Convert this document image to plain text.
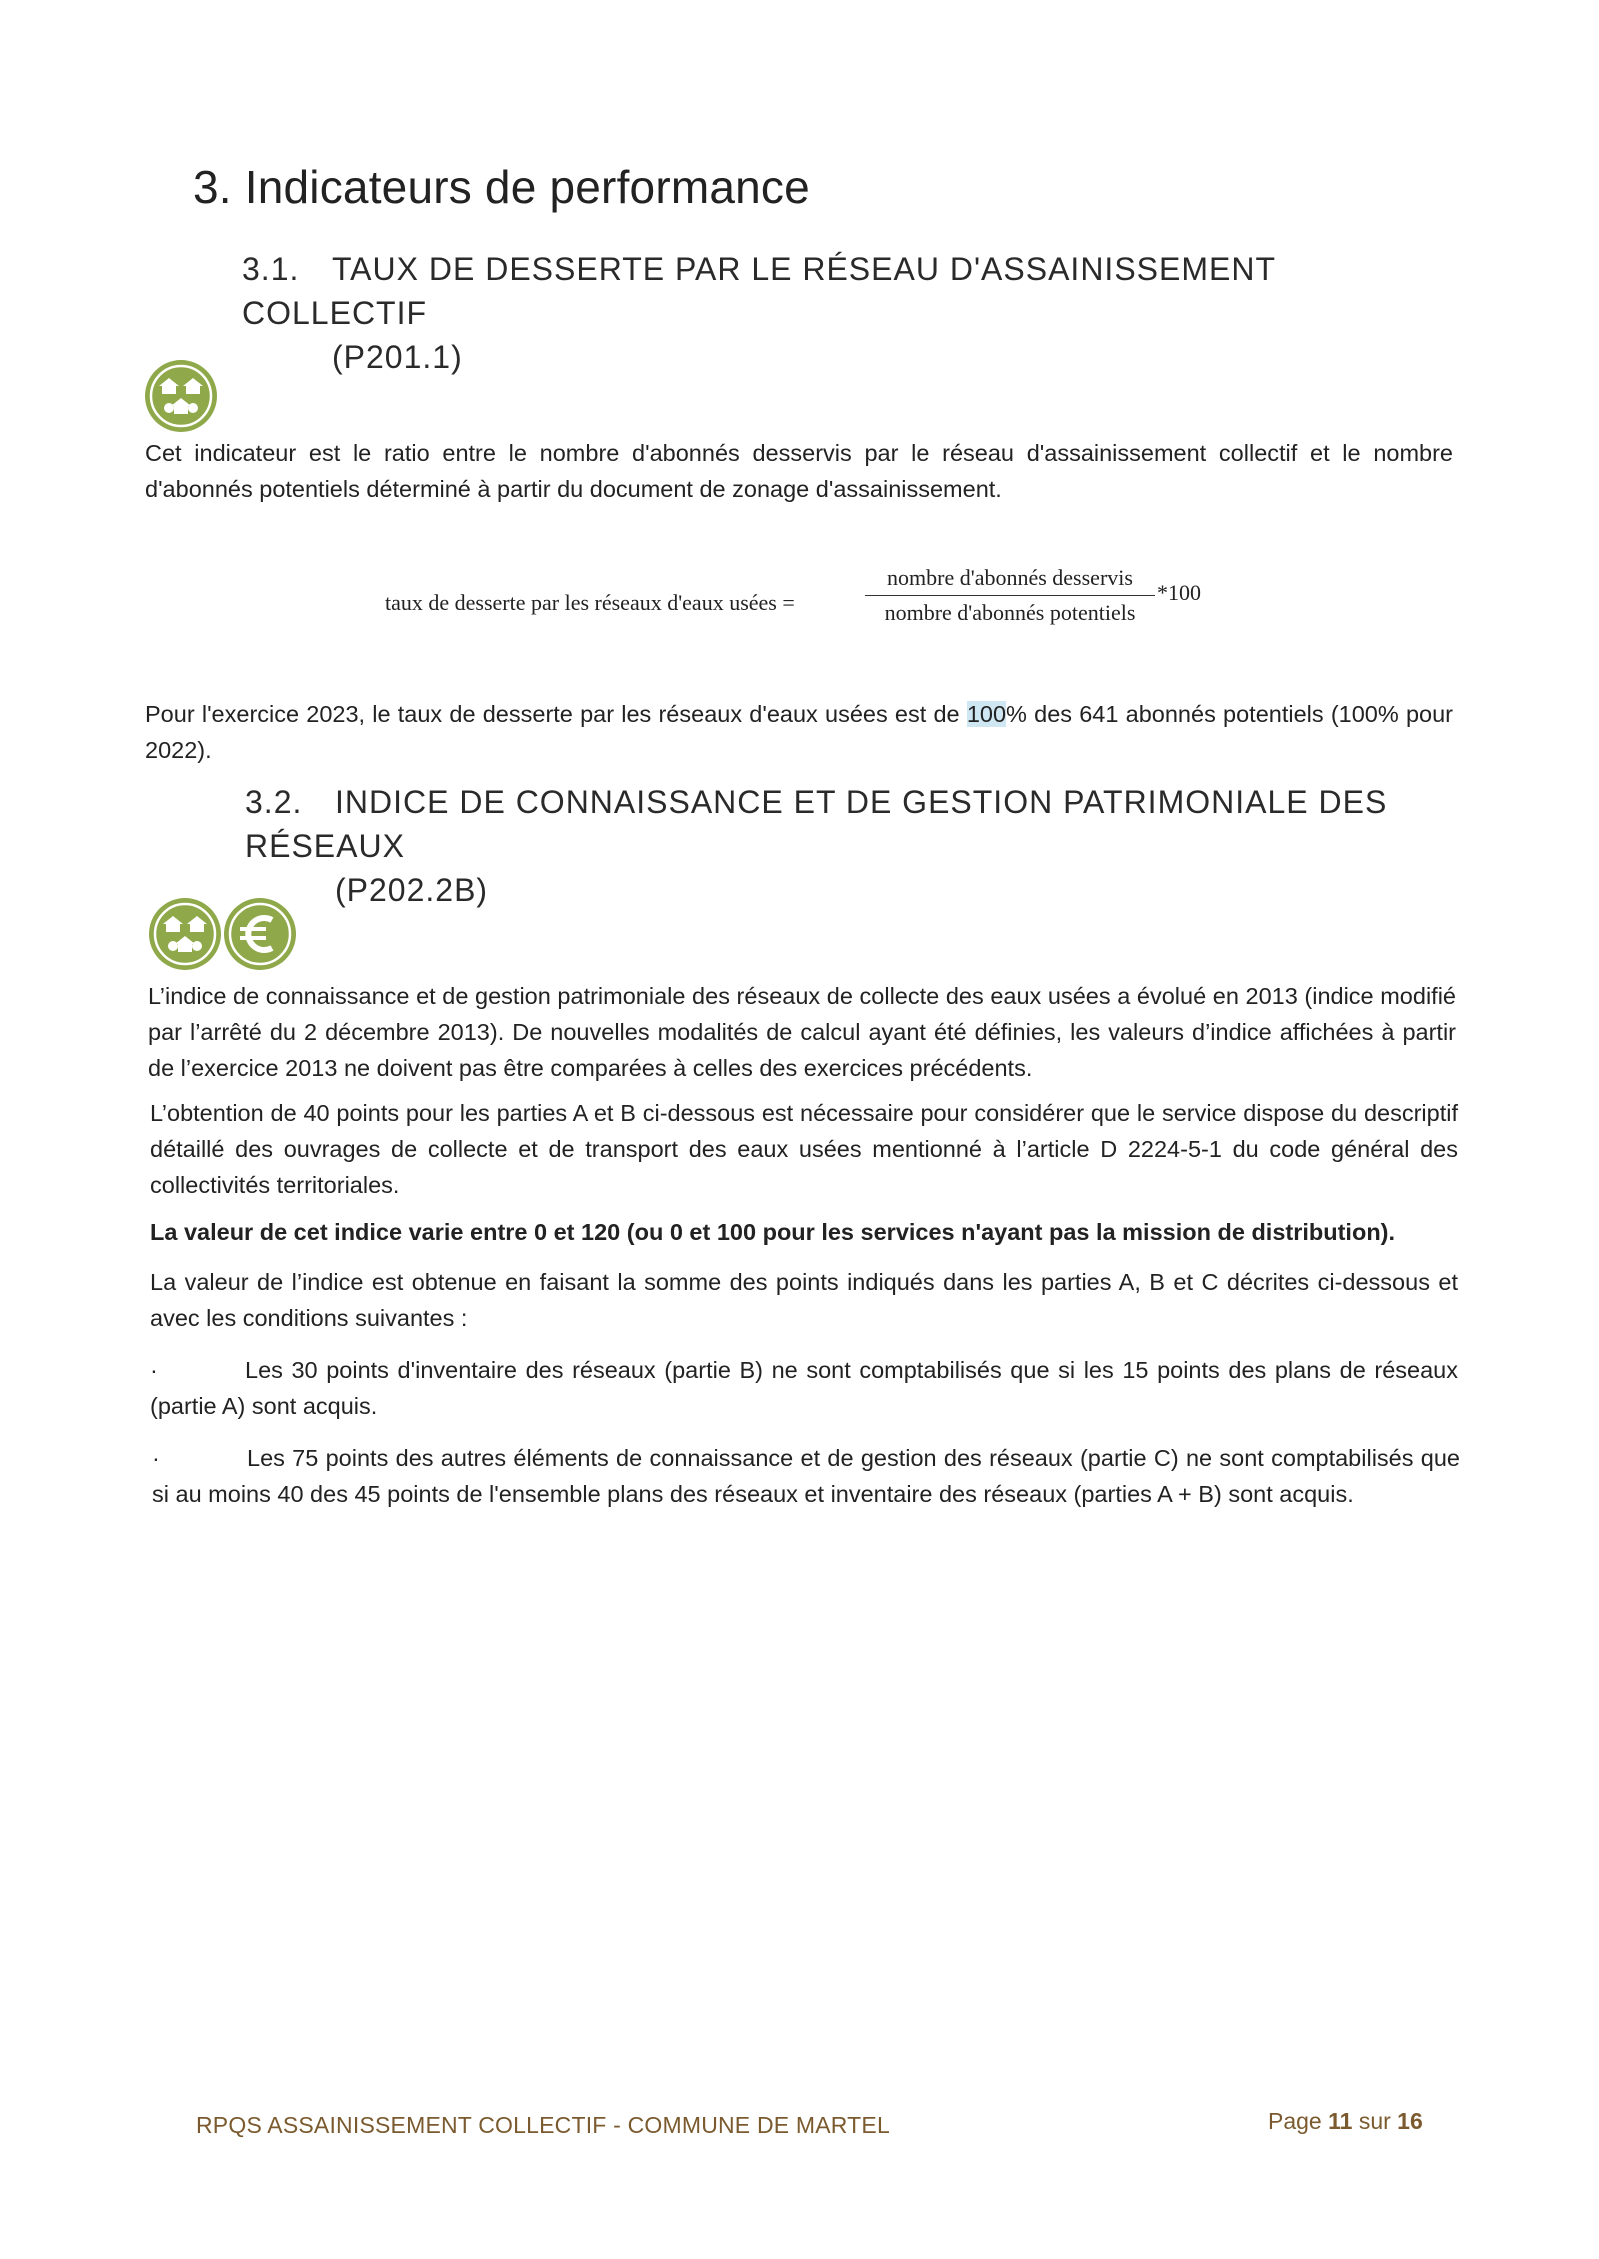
3. Indicateurs de performance
3.1. TAUX DE DESSERTE PAR LE RÉSEAU D'ASSAINISSEMENT COLLECTIF
(P201.1)
Cet indicateur est le ratio entre le nombre d'abonnés desservis par le réseau d'assainissement collectif et le nombre d'abonnés potentiels déterminé à partir du document de zonage d'assainissement.
taux de desserte par les réseaux d'eaux usées =
nombre d'abonnés desservis
nombre d'abonnés potentiels
*100
Pour l'exercice 2023, le taux de desserte par les réseaux d'eaux usées est de 100% des 641 abonnés potentiels (100% pour 2022).
3.2. INDICE DE CONNAISSANCE ET DE GESTION PATRIMONIALE DES RÉSEAUX
(P202.2B)
L’indice de connaissance et de gestion patrimoniale des réseaux de collecte des eaux usées a évolué en 2013 (indice modifié par l’arrêté du 2 décembre 2013). De nouvelles modalités de calcul ayant été définies, les valeurs d’indice affichées à partir de l’exercice 2013 ne doivent pas être comparées à celles des exercices précédents.
L’obtention de 40 points pour les parties A et B ci-dessous est nécessaire pour considérer que le service dispose du descriptif détaillé des ouvrages de collecte et de transport des eaux usées mentionné à l’article D 2224-5-1 du code général des collectivités territoriales.
La valeur de cet indice varie entre 0 et 120 (ou 0 et 100 pour les services n'ayant pas la mission de distribution).
La valeur de l’indice est obtenue en faisant la somme des points indiqués dans les parties A, B et C décrites ci-dessous et avec les conditions suivantes :
·	Les 30 points d'inventaire des réseaux (partie B) ne sont comptabilisés que si les 15 points des plans de réseaux (partie A) sont acquis.
·	Les 75 points des autres éléments de connaissance et de gestion des réseaux (partie C) ne sont comptabilisés que si au moins 40 des 45 points de l'ensemble plans des réseaux et inventaire des réseaux (parties A + B) sont acquis.
RPQS ASSAINISSEMENT COLLECTIF - COMMUNE DE MARTEL	Page 11 sur 16
